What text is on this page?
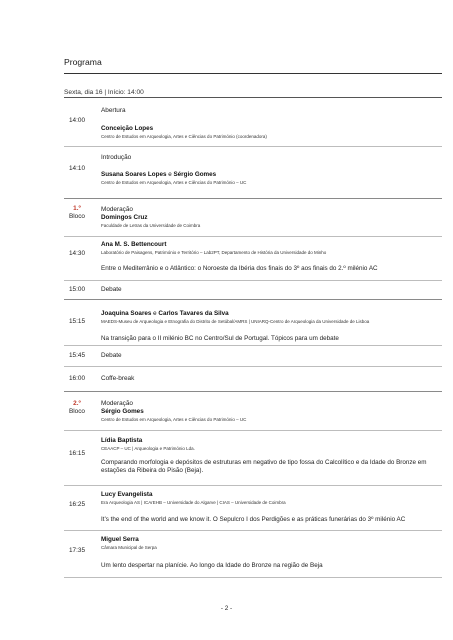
Programa
Sexta, dia 16 | Início: 14:00
14:00
Abertura
Conceição Lopes
Centro de Estudos em Arqueologia, Artes e Ciências do Património (coordenadora)
14:10
Introdução
Susana Soares Lopes e Sérgio Gomes
Centro de Estudos em Arqueologia, Artes e Ciências do Património – UC
1.º
Bloco
Moderação
Domingos Cruz
Faculdade de Letras da Universidade de Coimbra
14:30
Ana M. S. Bettencourt
Laboratório de Paisagens, Património e Território – Lab2PT, Departamento de História da Universidade do Minho
Entre o Mediterrânio e o Atlântico: o Noroeste da Ibéria dos finais do 3º aos finais do 2.º milénio AC
15:00	Debate
15:15
Joaquina Soares e Carlos Tavares da Silva
MAEDS-Museu de Arqueologia e Etnografia do Distrito de Setúbal/AMRS | UNIARQ-Centro de Arqueologia da Universidade de Lisboa
Na transição para o II milénio BC no Centro/Sul de Portugal. Tópicos para um debate
15:45	Debate
16:00	Coffe-break
2.º
Bloco
Moderação
Sérgio Gomes
Centro de Estudos em Arqueologia, Artes e Ciências do Património – UC
16:15
Lídia Baptista
CEAACP – UC | Arqueologia e Património Lda.
Comparando morfologia e depósitos de estruturas em negativo de tipo fossa do Calcolítico e da Idade do Bronze em estações da Ribeira do Pisão (Beja).
16:25
Lucy Evangelista
Era Arqueologia AS | ICArEHB – Universidade do Algarve | CIAS – Universidade de Coimbra
It’s the end of the world and we know it. O Sepulcro I dos Perdigões e as práticas funerárias do 3º milénio AC
17:35
Miguel Serra
Câmara Municipal de Serpa
Um lento despertar na planície. Ao longo da Idade do Bronze na região de Beja
- 2 -
